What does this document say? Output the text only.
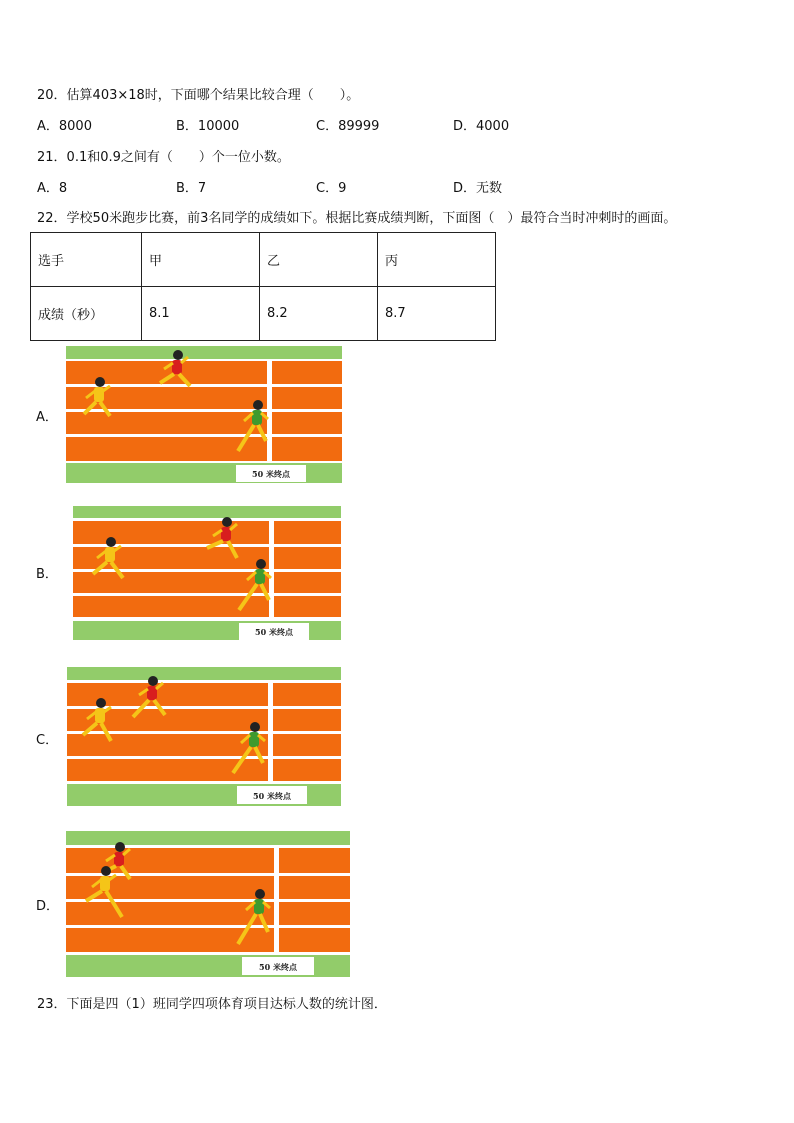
20．估算403×18时，下面哪个结果比较合理（　　）。
A．8000	B．10000	C．89999	D．4000
21．0.1和0.9之间有（　　）个一位小数。
A．8	B．7	C．9	D．无数
22．学校50米跑步比赛，前3名同学的成绩如下。根据比赛成绩判断，下面图（　）最符合当时冲刺时的画面。
选手	甲	乙	丙
成绩（秒）	8.1	8.2	8.7
A．
B．
C．
D．
50 米终点
50 米终点
50 米终点
50 米终点
23．下面是四（1）班同学四项体育项目达标人数的统计图．
